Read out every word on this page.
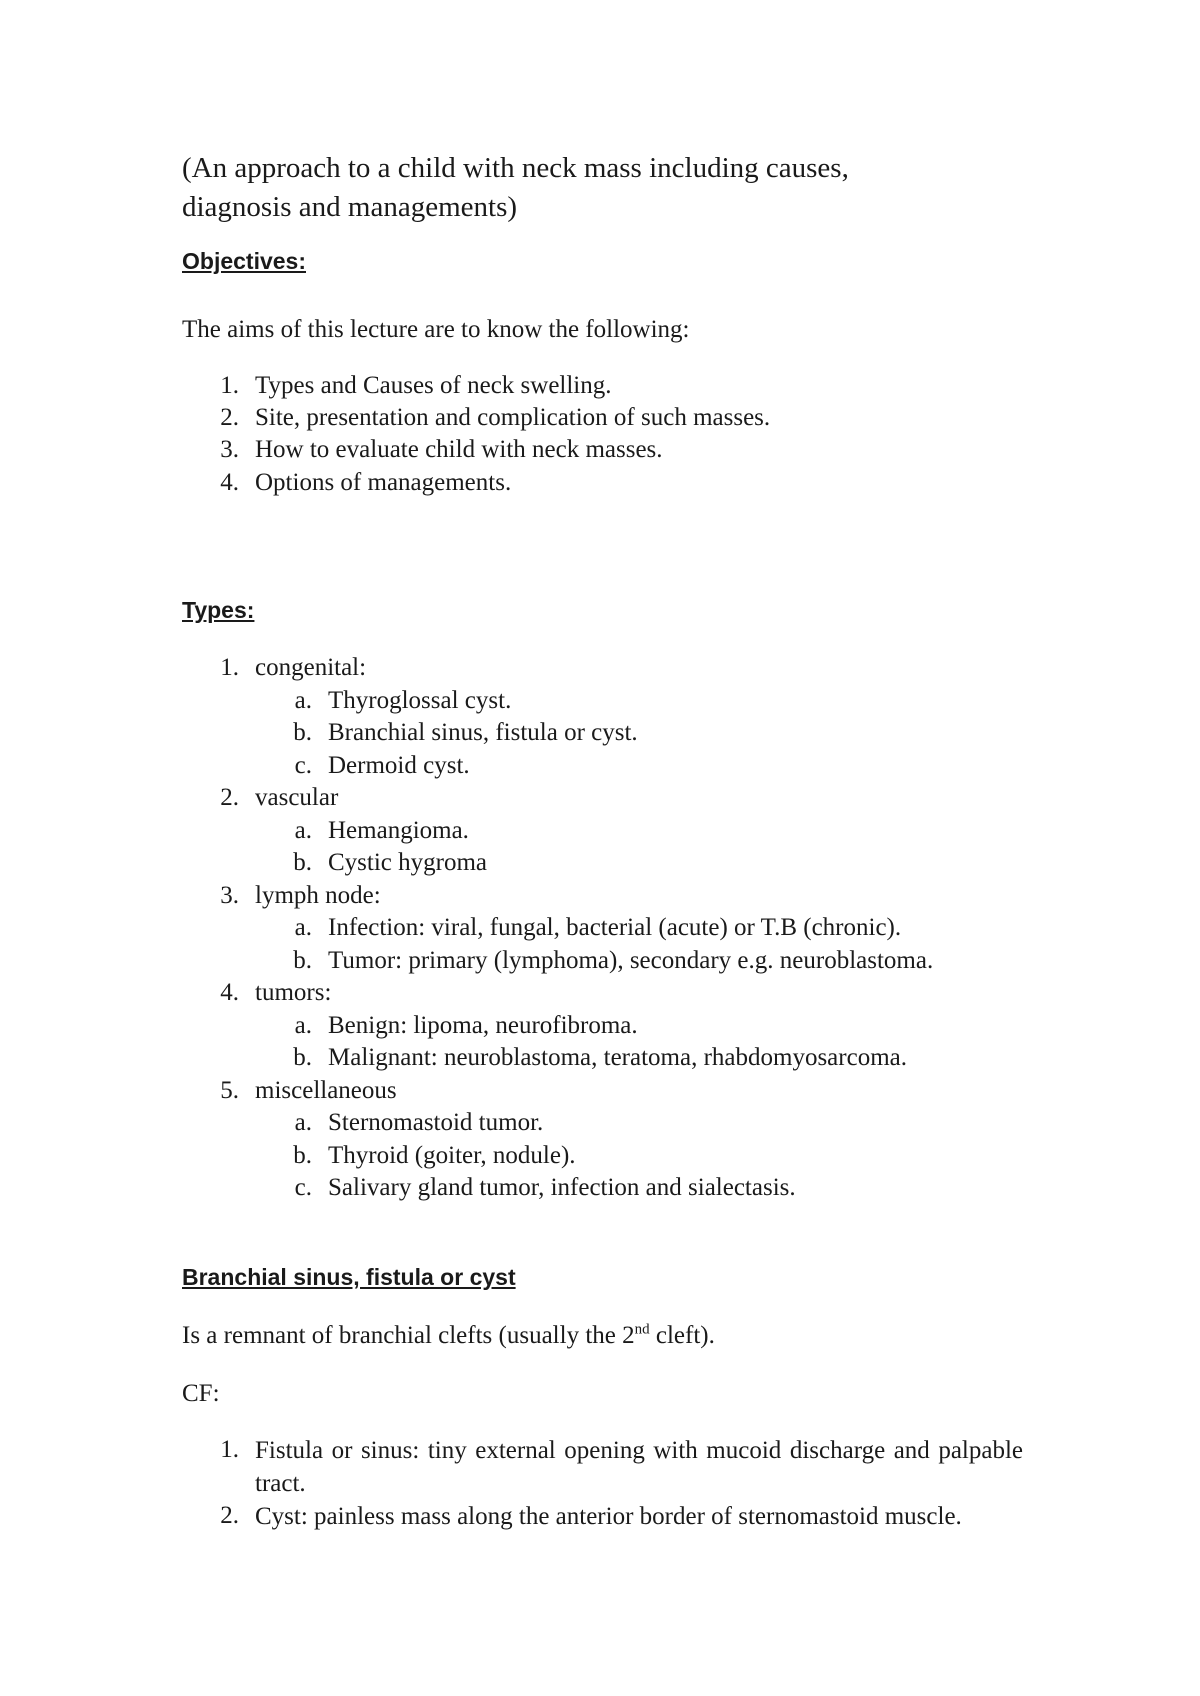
(An approach to a child with neck mass including causes,
diagnosis and managements)
Objectives:
The aims of this lecture are to know the following:
1. Types and Causes of neck swelling.
2. Site, presentation and complication of such masses.
3. How to evaluate child with neck masses.
4. Options of managements.
Types:
1. congenital:
a. Thyroglossal cyst.
b. Branchial sinus, fistula or cyst.
c. Dermoid cyst.
2. vascular
a. Hemangioma.
b. Cystic hygroma
3. lymph node:
a. Infection: viral, fungal, bacterial (acute) or T.B (chronic).
b. Tumor: primary (lymphoma), secondary e.g. neuroblastoma.
4. tumors:
a. Benign: lipoma, neurofibroma.
b. Malignant: neuroblastoma, teratoma, rhabdomyosarcoma.
5. miscellaneous
a. Sternomastoid tumor.
b. Thyroid (goiter, nodule).
c. Salivary gland tumor, infection and sialectasis.
Branchial sinus, fistula or cyst
Is a remnant of branchial clefts (usually the 2nd cleft).
CF:
1. Fistula or sinus: tiny external opening with mucoid discharge and palpable tract.
2. Cyst: painless mass along the anterior border of sternomastoid muscle.
